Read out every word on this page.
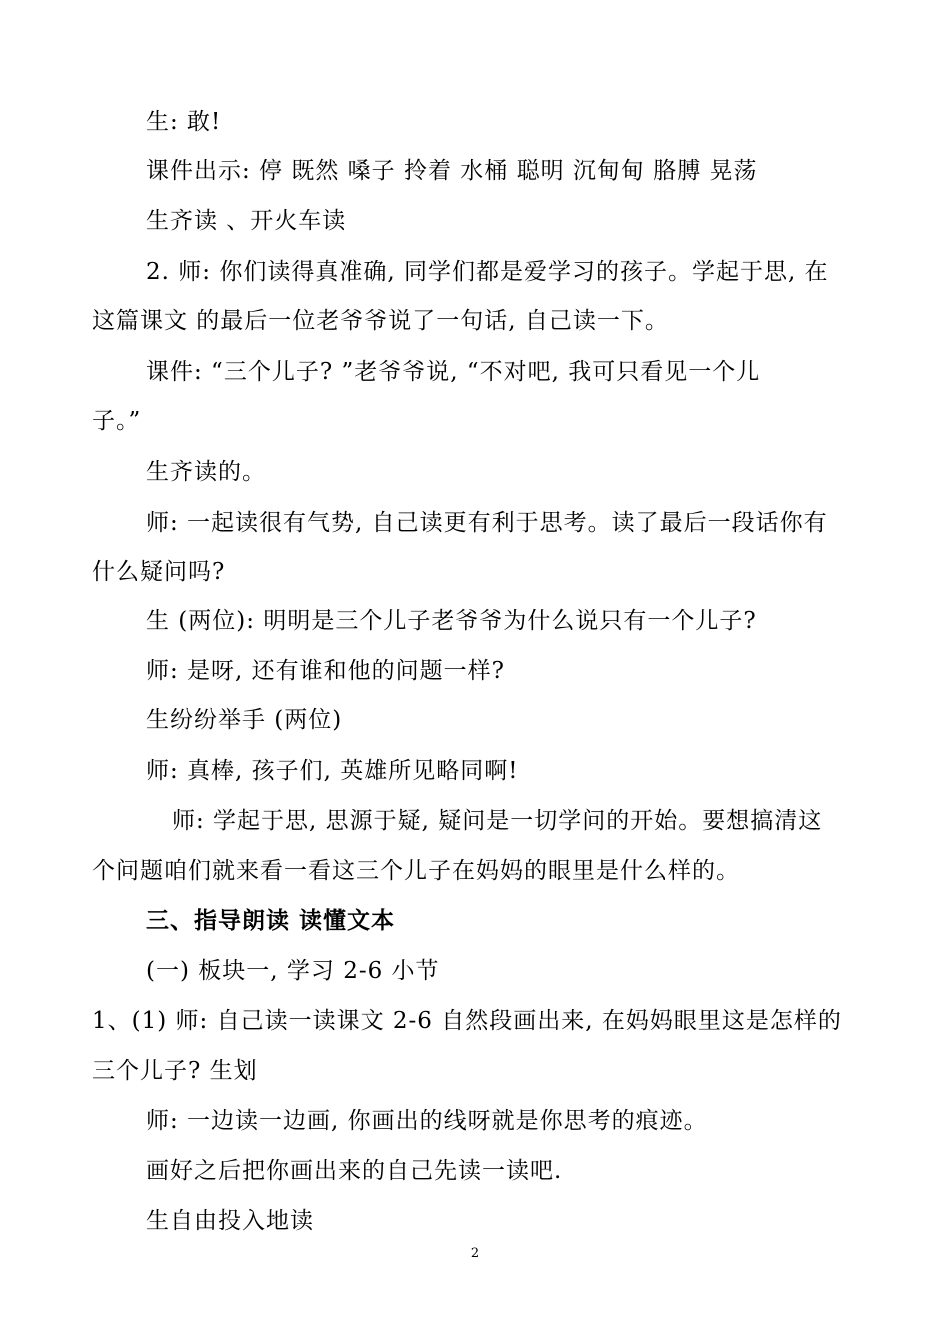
生: 敢!
课件出示: 停 既然 嗓子 拎着 水桶 聪明 沉甸甸 胳膊 晃荡
生齐读 、开火车读
2. 师: 你们读得真准确, 同学们都是爱学习的孩子。学起于思, 在
这篇课文 的最后一位老爷爷说了一句话, 自己读一下。
课件: “三个儿子? ”老爷爷说, “不对吧, 我可只看见一个儿
子。”
生齐读的。
师: 一起读很有气势, 自己读更有利于思考。读了最后一段话你有
什么疑问吗?
生 (两位): 明明是三个儿子老爷爷为什么说只有一个儿子?
师: 是呀, 还有谁和他的问题一样?
生纷纷举手 (两位)
师: 真棒, 孩子们, 英雄所见略同啊!
师: 学起于思, 思源于疑, 疑问是一切学问的开始。要想搞清这
个问题咱们就来看一看这三个儿子在妈妈的眼里是什么样的。
三、指导朗读 读懂文本
(一) 板块一, 学习 2-6 小节
1、(1) 师: 自己读一读课文 2-6 自然段画出来, 在妈妈眼里这是怎样的
三个儿子? 生划
师: 一边读一边画, 你画出的线呀就是你思考的痕迹。
画好之后把你画出来的自己先读一读吧.
生自由投入地读
2
